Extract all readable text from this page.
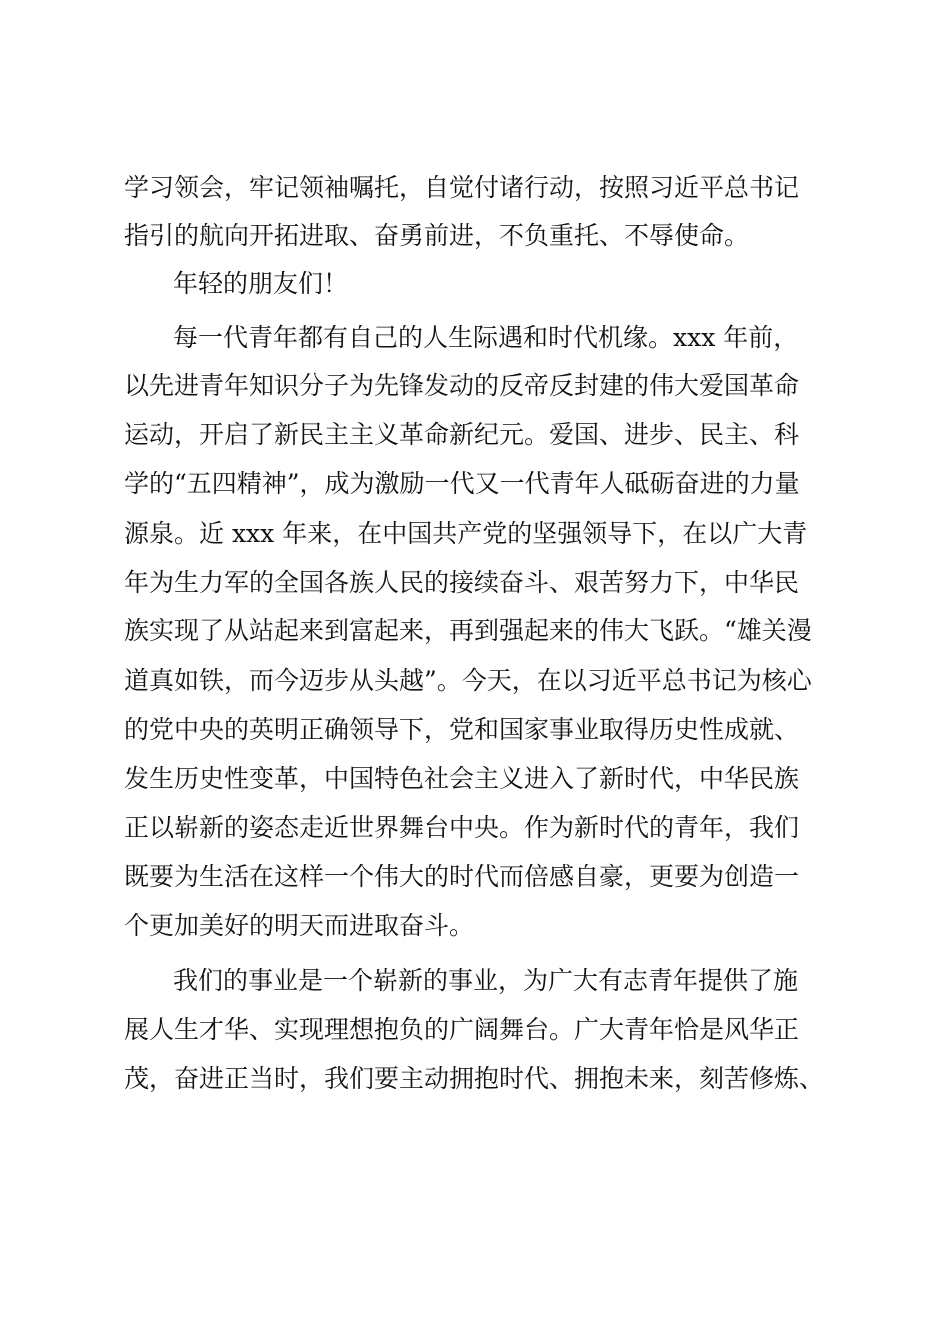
学习领会，牢记领袖嘱托，自觉付诸行动，按照习近平总书记
指引的航向开拓进取、奋勇前进，不负重托、不辱使命。
年轻的朋友们！
每一代青年都有自己的人生际遇和时代机缘。xxx 年前，
以先进青年知识分子为先锋发动的反帝反封建的伟大爱国革命
运动，开启了新民主主义革命新纪元。爱国、进步、民主、科
学的“五四精神”，成为激励一代又一代青年人砥砺奋进的力量
源泉。近 xxx 年来，在中国共产党的坚强领导下，在以广大青
年为生力军的全国各族人民的接续奋斗、艰苦努力下，中华民
族实现了从站起来到富起来，再到强起来的伟大飞跃。“雄关漫
道真如铁，而今迈步从头越”。今天，在以习近平总书记为核心
的党中央的英明正确领导下，党和国家事业取得历史性成就、
发生历史性变革，中国特色社会主义进入了新时代，中华民族
正以崭新的姿态走近世界舞台中央。作为新时代的青年，我们
既要为生活在这样一个伟大的时代而倍感自豪，更要为创造一
个更加美好的明天而进取奋斗。
我们的事业是一个崭新的事业，为广大有志青年提供了施
展人生才华、实现理想抱负的广阔舞台。广大青年恰是风华正
茂，奋进正当时，我们要主动拥抱时代、拥抱未来，刻苦修炼、
